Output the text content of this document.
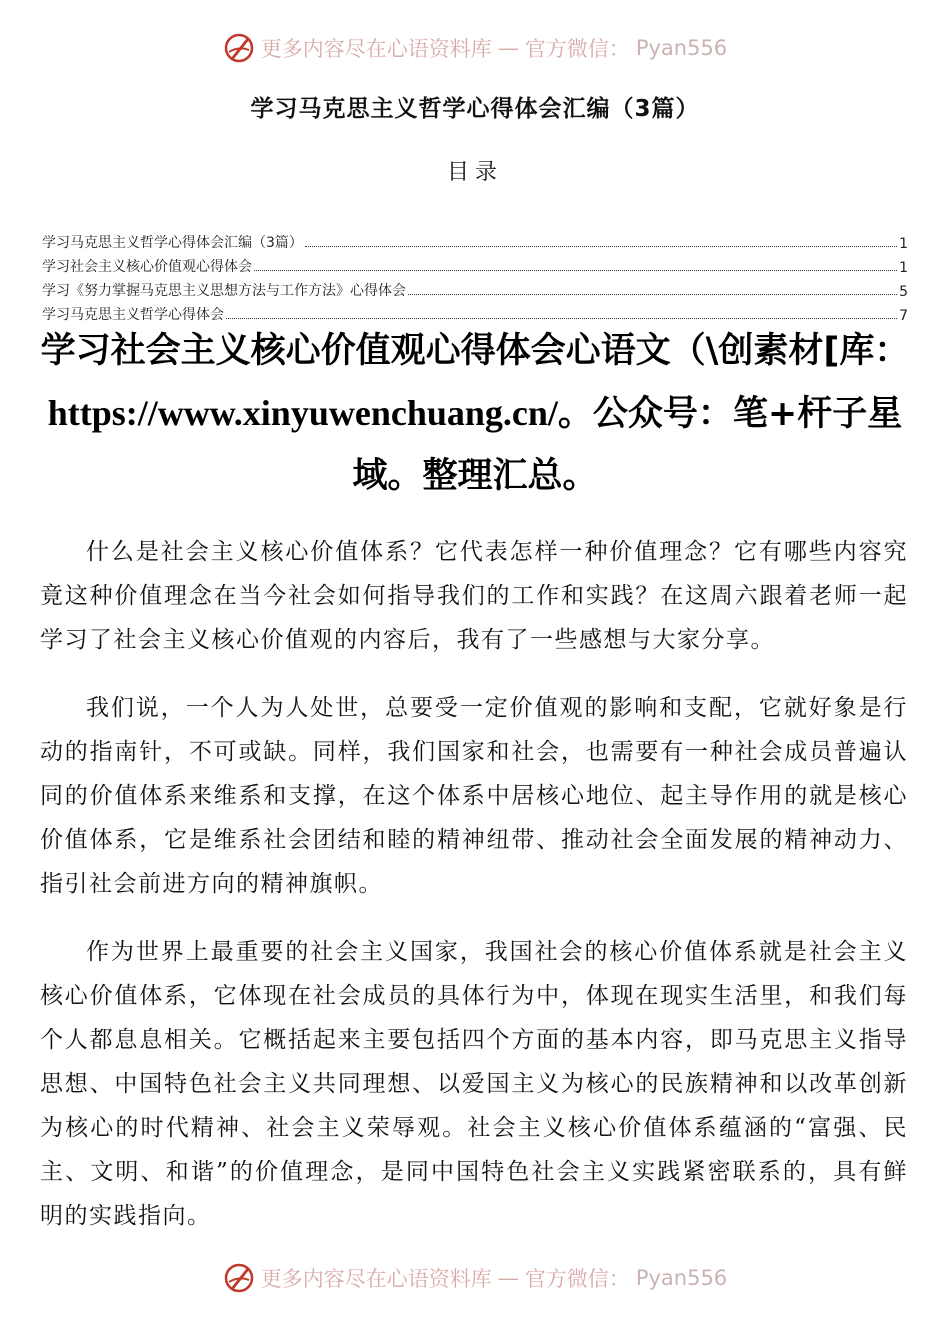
更多内容尽在心语资料库 — 官方微信： Pyan556
学习马克思主义哲学心得体会汇编（3篇）
目录
学习马克思主义哲学心得体会汇编（3篇）	1
学习社会主义核心价值观心得体会	1
学习《努力掌握马克思主义思想方法与工作方法》心得体会	5
学习马克思主义哲学心得体会	7
学习社会主义核心价值观心得体会心语文（\创素材[库：https://www.xinyuwenchuang.cn/。公众号：笔+杆子星域。整理汇总。

什么是社会主义核心价值体系？它代表怎样一种价值理念？它有哪些内容究竟这种价值理念在当今社会如何指导我们的工作和实践？在这周六跟着老师一起学习了社会主义核心价值观的内容后，我有了一些感想与大家分享。

我们说，一个人为人处世，总要受一定价值观的影响和支配，它就好象是行动的指南针，不可或缺。同样，我们国家和社会，也需要有一种社会成员普遍认同的价值体系来维系和支撑，在这个体系中居核心地位、起主导作用的就是核心价值体系，它是维系社会团结和睦的精神纽带、推动社会全面发展的精神动力、指引社会前进方向的精神旗帜。

作为世界上最重要的社会主义国家，我国社会的核心价值体系就是社会主义核心价值体系，它体现在社会成员的具体行为中，体现在现实生活里，和我们每个人都息息相关。它概括起来主要包括四个方面的基本内容，即马克思主义指导思想、中国特色社会主义共同理想、以爱国主义为核心的民族精神和以改革创新为核心的时代精神、社会主义荣辱观。社会主义核心价值体系蕴涵的“富强、民主、文明、和谐”的价值理念，是同中国特色社会主义实践紧密联系的，具有鲜明的实践指向。

更多内容尽在心语资料库 — 官方微信： Pyan556
